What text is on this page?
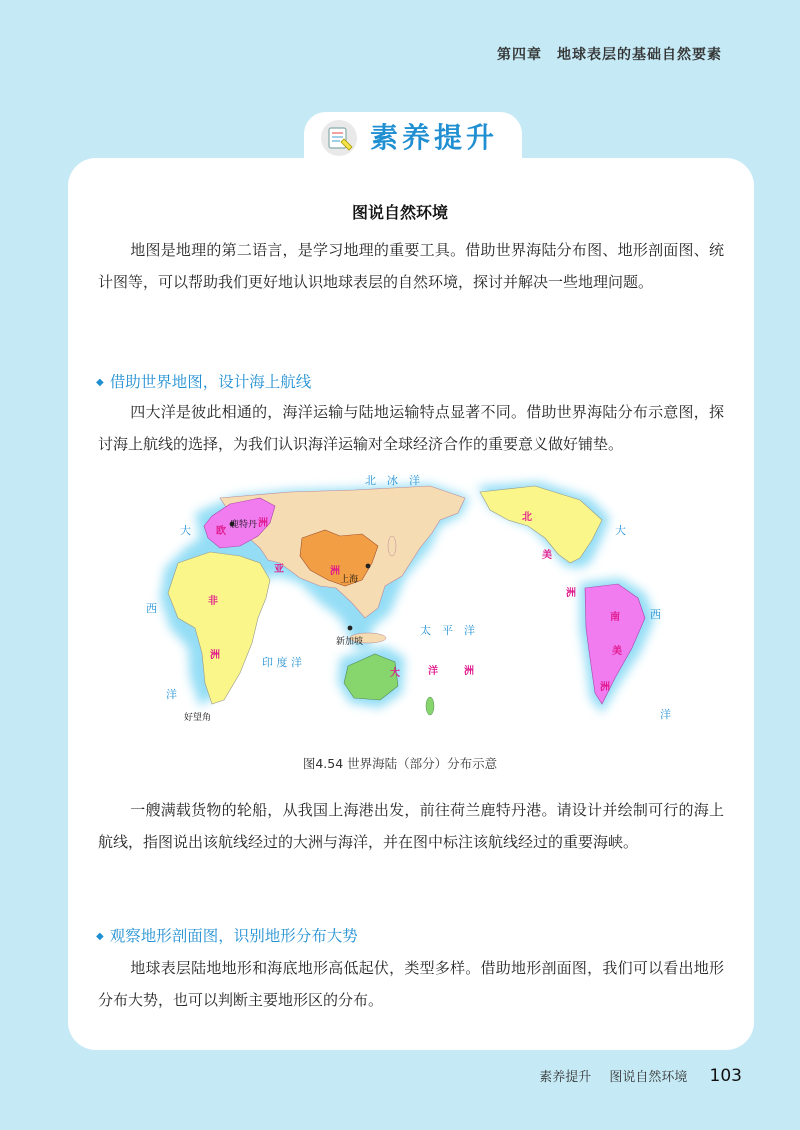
第四章　地球表层的基础自然要素
素养提升
图说自然环境
地图是地理的第二语言，是学习地理的重要工具。借助世界海陆分布图、地形剖面图、统计图等，可以帮助我们更好地认识地球表层的自然环境，探讨并解决一些地理问题。
◆ 借助世界地图，设计海上航线
四大洋是彼此相通的，海洋运输与陆地运输特点显著不同。借助世界海陆分布示意图，探讨海上航线的选择，为我们认识海洋运输对全球经济合作的重要意义做好铺垫。
北　冰　洋
太　平　洋
印 度 洋
大
西
洋
大
西
洋
欧
洲
亚	洲
非
洲
大	洋	洲
北
美
洲
南
美
洲
鹿特丹
上海
新加坡
好望角
图4.54 世界海陆（部分）分布示意
一艘满载货物的轮船，从我国上海港出发，前往荷兰鹿特丹港。请设计并绘制可行的海上航线，指图说出该航线经过的大洲与海洋，并在图中标注该航线经过的重要海峡。
◆ 观察地形剖面图，识别地形分布大势
地球表层陆地地形和海底地形高低起伏，类型多样。借助地形剖面图，我们可以看出地形分布大势，也可以判断主要地形区的分布。
素养提升 图说自然环境 103
